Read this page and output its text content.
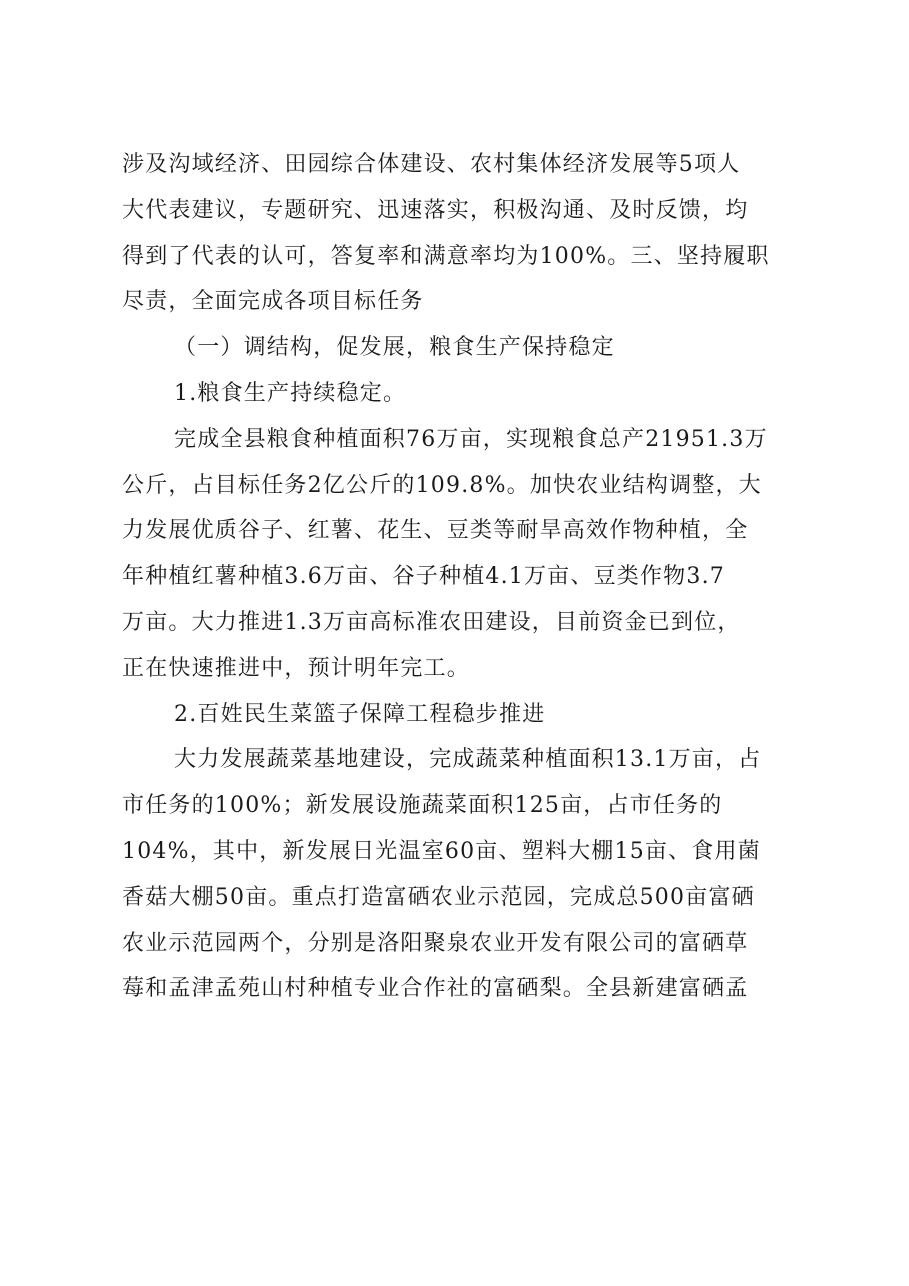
涉及沟域经济、田园综合体建设、农村集体经济发展等5项人
大代表建议，专题研究、迅速落实，积极沟通、及时反馈，均
得到了代表的认可，答复率和满意率均为100%。三、坚持履职
尽责，全面完成各项目标任务
（一）调结构，促发展，粮食生产保持稳定
1.粮食生产持续稳定。
完成全县粮食种植面积76万亩，实现粮食总产21951.3万
公斤，占目标任务2亿公斤的109.8%。加快农业结构调整，大
力发展优质谷子、红薯、花生、豆类等耐旱高效作物种植，全
年种植红薯种植3.6万亩、谷子种植4.1万亩、豆类作物3.7
万亩。大力推进1.3万亩高标准农田建设，目前资金已到位，
正在快速推进中，预计明年完工。
2.百姓民生菜篮子保障工程稳步推进
大力发展蔬菜基地建设，完成蔬菜种植面积13.1万亩，占
市任务的100%；新发展设施蔬菜面积125亩，占市任务的
104%，其中，新发展日光温室60亩、塑料大棚15亩、食用菌
香菇大棚50亩。重点打造富硒农业示范园，完成总500亩富硒
农业示范园两个，分别是洛阳聚泉农业开发有限公司的富硒草
莓和孟津孟苑山村种植专业合作社的富硒梨。全县新建富硒孟
